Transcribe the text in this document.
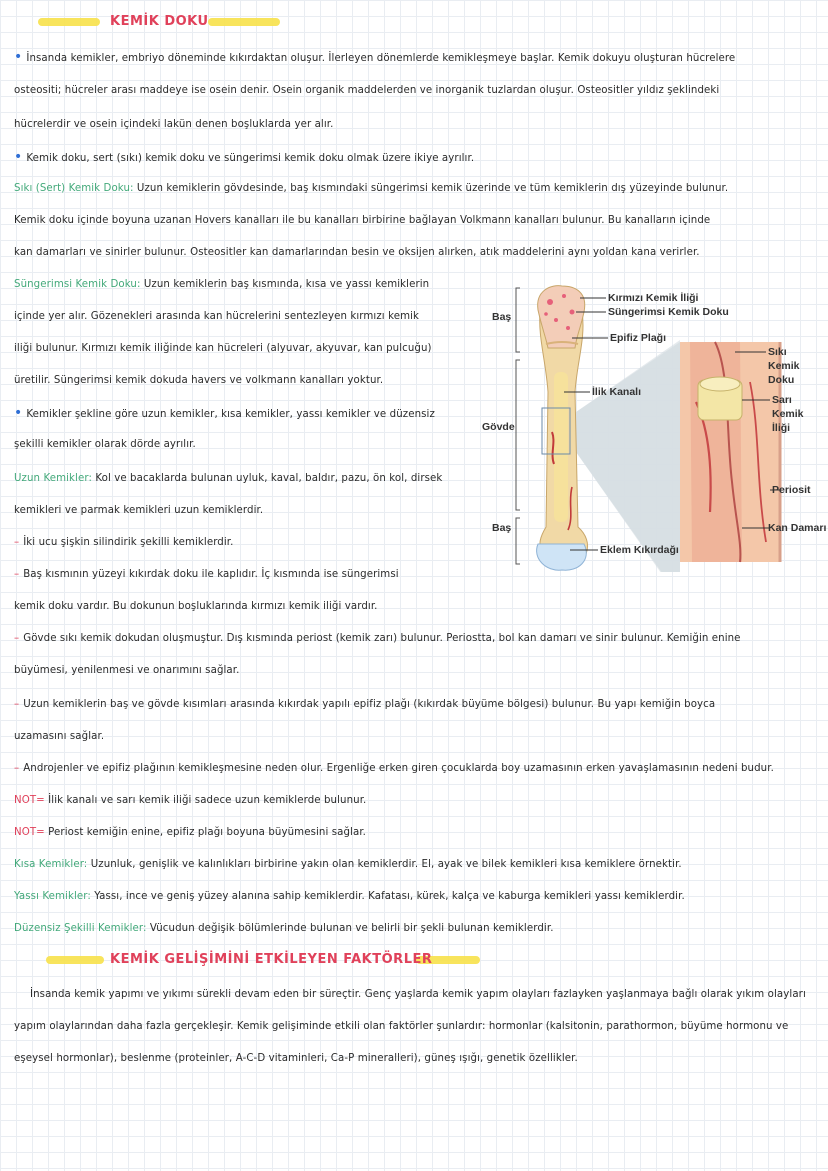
KEMİK DOKU
• İnsanda kemikler, embriyo döneminde kıkırdaktan oluşur. İlerleyen dönemlerde kemikleşmeye başlar. Kemik dokuyu oluşturan hücrelere
osteositi; hücreler arası maddeye ise osein denir. Osein organik maddelerden ve inorganik tuzlardan oluşur. Osteositler yıldız şeklindeki
hücrelerdir ve osein içindeki lakün denen boşluklarda yer alır.
• Kemik doku, sert (sıkı) kemik doku ve süngerimsi kemik doku olmak üzere ikiye ayrılır.
Sıkı (Sert) Kemik Doku: Uzun kemiklerin gövdesinde, baş kısmındaki süngerimsi kemik üzerinde ve tüm kemiklerin dış yüzeyinde bulunur.
Kemik doku içinde boyuna uzanan Hovers kanalları ile bu kanalları birbirine bağlayan Volkmann kanalları bulunur. Bu kanalların içinde
kan damarları ve sinirler bulunur. Osteositler kan damarlarından besin ve oksijen alırken, atık maddelerini aynı yoldan kana verirler.
Süngerimsi Kemik Doku: Uzun kemiklerin baş kısmında, kısa ve yassı kemiklerin
içinde yer alır. Gözenekleri arasında kan hücrelerini sentezleyen kırmızı kemik
iliği bulunur. Kırmızı kemik iliğinde kan hücreleri (alyuvar, akyuvar, kan pulcuğu)
üretilir. Süngerimsi kemik dokuda havers ve volkmann kanalları yoktur.
• Kemikler şekline göre uzun kemikler, kısa kemikler, yassı kemikler ve düzensiz
şekilli kemikler olarak dörde ayrılır.
Uzun Kemikler: Kol ve bacaklarda bulunan uyluk, kaval, baldır, pazu, ön kol, dirsek
kemikleri ve parmak kemikleri uzun kemiklerdir.
– İki ucu şişkin silindirik şekilli kemiklerdir.
– Baş kısmının yüzeyi kıkırdak doku ile kaplıdır. İç kısmında ise süngerimsi
kemik doku vardır. Bu dokunun boşluklarında kırmızı kemik iliği vardır.
– Gövde sıkı kemik dokudan oluşmuştur. Dış kısmında periost (kemik zarı) bulunur. Periostta, bol kan damarı ve sinir bulunur. Kemiğin enine
büyümesi, yenilenmesi ve onarımını sağlar.
– Uzun kemiklerin baş ve gövde kısımları arasında kıkırdak yapılı epifiz plağı (kıkırdak büyüme bölgesi) bulunur. Bu yapı kemiğin boyca
uzamasını sağlar.
– Androjenler ve epifiz plağının kemikleşmesine neden olur. Ergenliğe erken giren çocuklarda boy uzamasının erken yavaşlamasının nedeni budur.
NOT= İlik kanalı ve sarı kemik iliği sadece uzun kemiklerde bulunur.
NOT= Periost kemiğin enine, epifiz plağı boyuna büyümesini sağlar.
Kısa Kemikler: Uzunluk, genişlik ve kalınlıkları birbirine yakın olan kemiklerdir. El, ayak ve bilek kemikleri kısa kemiklere örnektir.
Yassı Kemikler: Yassı, ince ve geniş yüzey alanına sahip kemiklerdir. Kafatası, kürek, kalça ve kaburga kemikleri yassı kemiklerdir.
Düzensiz Şekilli Kemikler: Vücudun değişik bölümlerinde bulunan ve belirli bir şekli bulunan kemiklerdir.
KEMİK GELİŞİMİNİ ETKİLEYEN FAKTÖRLER
İnsanda kemik yapımı ve yıkımı sürekli devam eden bir süreçtir. Genç yaşlarda kemik yapım olayları fazlayken yaşlanmaya bağlı olarak yıkım olayları
yapım olaylarından daha fazla gerçekleşir. Kemik gelişiminde etkili olan faktörler şunlardır: hormonlar (kalsitonin, parathormon, büyüme hormonu ve
eşeysel hormonlar), beslenme (proteinler, A-C-D vitaminleri, Ca-P mineralleri), güneş ışığı, genetik özellikler.
Baş
Gövde
Baş
Kırmızı Kemik İliği
Süngerimsi Kemik Doku
Epifiz Plağı
İlik Kanalı
Eklem Kıkırdağı
Sıkı
Kemik
Doku
Sarı
Kemik
İliği
Periosit
Kan Damarı
